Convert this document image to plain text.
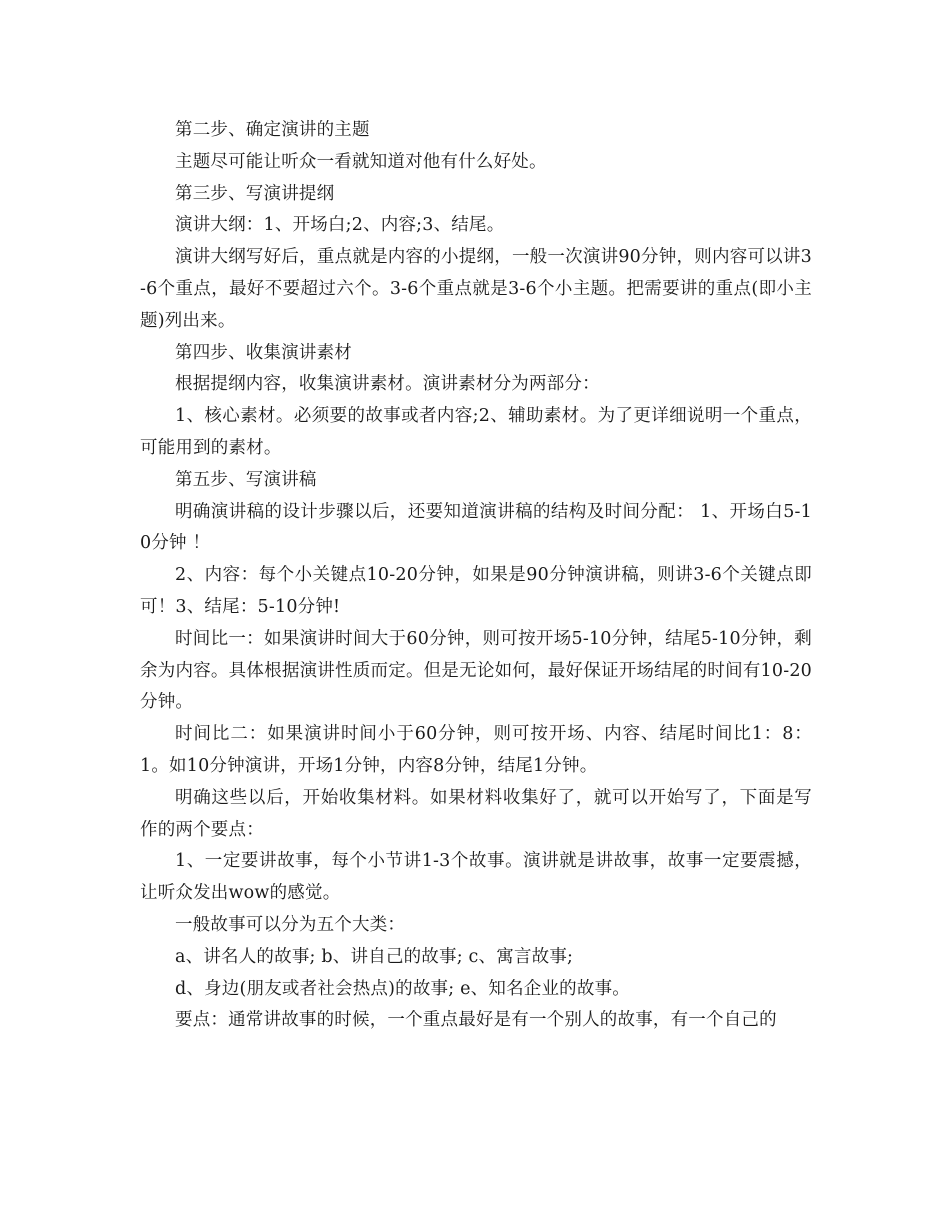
第二步、确定演讲的主题

主题尽可能让听众一看就知道对他有什么好处。

第三步、写演讲提纲

演讲大纲：1、开场白;2、内容;3、结尾。

演讲大纲写好后，重点就是内容的小提纲，一般一次演讲90分钟，则内容可以讲3-6个重点，最好不要超过六个。3-6个重点就是3-6个小主题。把需要讲的重点(即小主题)列出来。

第四步、收集演讲素材

根据提纲内容，收集演讲素材。演讲素材分为两部分：

1、核心素材。必须要的故事或者内容;2、辅助素材。为了更详细说明一个重点，可能用到的素材。

第五步、写演讲稿

明确演讲稿的设计步骤以后，还要知道演讲稿的结构及时间分配： 1、开场白5-10分钟 ！

2、内容：每个小关键点10-20分钟，如果是90分钟演讲稿，则讲3-6个关键点即可！3、结尾：5-10分钟!

时间比一：如果演讲时间大于60分钟，则可按开场5-10分钟，结尾5-10分钟，剩余为内容。具体根据演讲性质而定。但是无论如何，最好保证开场结尾的时间有10-20分钟。

时间比二：如果演讲时间小于60分钟，则可按开场、内容、结尾时间比1：8：1。如10分钟演讲，开场1分钟，内容8分钟，结尾1分钟。

明确这些以后，开始收集材料。如果材料收集好了，就可以开始写了，下面是写作的两个要点：

1、一定要讲故事，每个小节讲1-3个故事。演讲就是讲故事，故事一定要震撼，让听众发出wow的感觉。

一般故事可以分为五个大类：

a、讲名人的故事; b、讲自己的故事; c、寓言故事;

d、身边(朋友或者社会热点)的故事; e、知名企业的故事。

要点：通常讲故事的时候，一个重点最好是有一个别人的故事，有一个自己的
